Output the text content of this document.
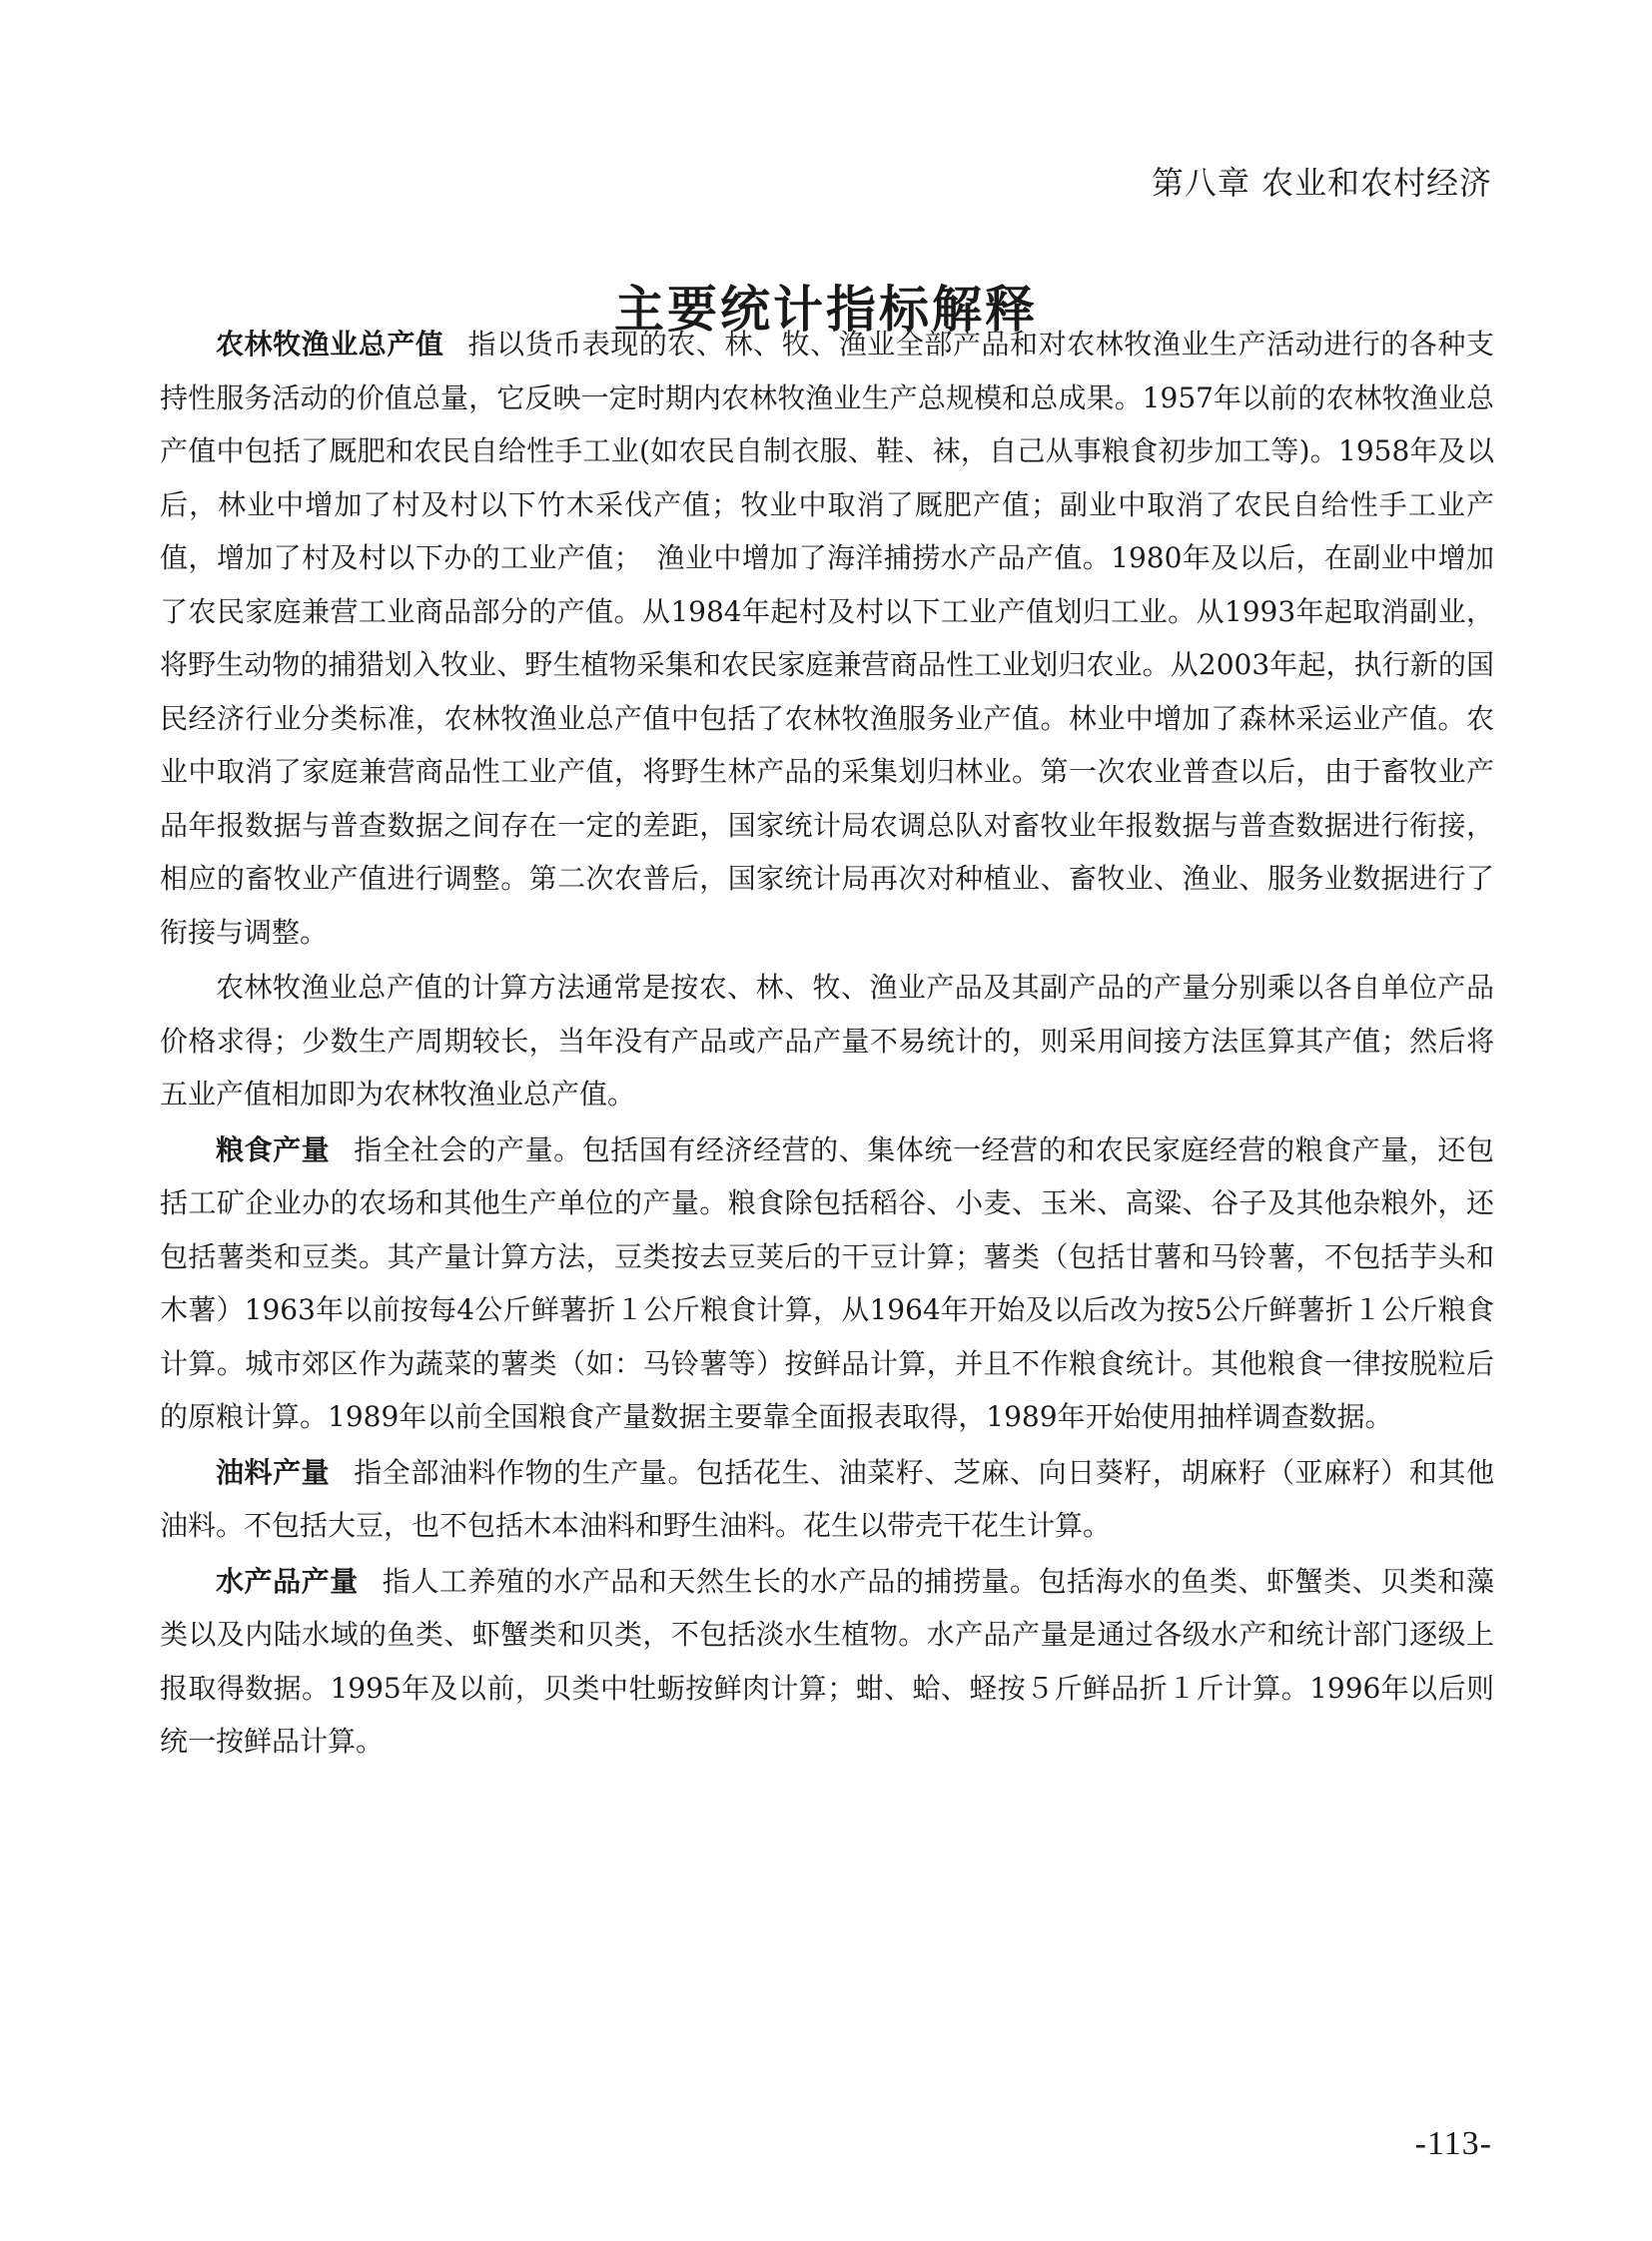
第八章 农业和农村经济
主要统计指标解释

农林牧渔业总产值 指以货币表现的农、林、牧、渔业全部产品和对农林牧渔业生产活动进行的各种支持性服务活动的价值总量，它反映一定时期内农林牧渔业生产总规模和总成果。1957年以前的农林牧渔业总产值中包括了厩肥和农民自给性手工业(如农民自制衣服、鞋、袜，自己从事粮食初步加工等)。1958年及以后，林业中增加了村及村以下竹木采伐产值；牧业中取消了厩肥产值；副业中取消了农民自给性手工业产值，增加了村及村以下办的工业产值；　渔业中增加了海洋捕捞水产品产值。1980年及以后，在副业中增加了农民家庭兼营工业商品部分的产值。从1984年起村及村以下工业产值划归工业。从1993年起取消副业，将野生动物的捕猎划入牧业、野生植物采集和农民家庭兼营商品性工业划归农业。从2003年起，执行新的国民经济行业分类标准，农林牧渔业总产值中包括了农林牧渔服务业产值。林业中增加了森林采运业产值。农业中取消了家庭兼营商品性工业产值，将野生林产品的采集划归林业。第一次农业普查以后，由于畜牧业产品年报数据与普查数据之间存在一定的差距，国家统计局农调总队对畜牧业年报数据与普查数据进行衔接，相应的畜牧业产值进行调整。第二次农普后，国家统计局再次对种植业、畜牧业、渔业、服务业数据进行了衔接与调整。

农林牧渔业总产值的计算方法通常是按农、林、牧、渔业产品及其副产品的产量分别乘以各自单位产品价格求得；少数生产周期较长，当年没有产品或产品产量不易统计的，则采用间接方法匡算其产值；然后将五业产值相加即为农林牧渔业总产值。

粮食产量 指全社会的产量。包括国有经济经营的、集体统一经营的和农民家庭经营的粮食产量，还包括工矿企业办的农场和其他生产单位的产量。粮食除包括稻谷、小麦、玉米、高粱、谷子及其他杂粮外，还包括薯类和豆类。其产量计算方法，豆类按去豆荚后的干豆计算；薯类（包括甘薯和马铃薯，不包括芋头和木薯）1963年以前按每4公斤鲜薯折１公斤粮食计算，从1964年开始及以后改为按5公斤鲜薯折１公斤粮食计算。城市郊区作为蔬菜的薯类（如：马铃薯等）按鲜品计算，并且不作粮食统计。其他粮食一律按脱粒后的原粮计算。1989年以前全国粮食产量数据主要靠全面报表取得，1989年开始使用抽样调查数据。

油料产量 指全部油料作物的生产量。包括花生、油菜籽、芝麻、向日葵籽，胡麻籽（亚麻籽）和其他油料。不包括大豆，也不包括木本油料和野生油料。花生以带壳干花生计算。

水产品产量 指人工养殖的水产品和天然生长的水产品的捕捞量。包括海水的鱼类、虾蟹类、贝类和藻类以及内陆水域的鱼类、虾蟹类和贝类，不包括淡水生植物。水产品产量是通过各级水产和统计部门逐级上报取得数据。1995年及以前，贝类中牡蛎按鲜肉计算；蚶、蛤、蛏按５斤鲜品折１斤计算。1996年以后则统一按鲜品计算。

-113-
